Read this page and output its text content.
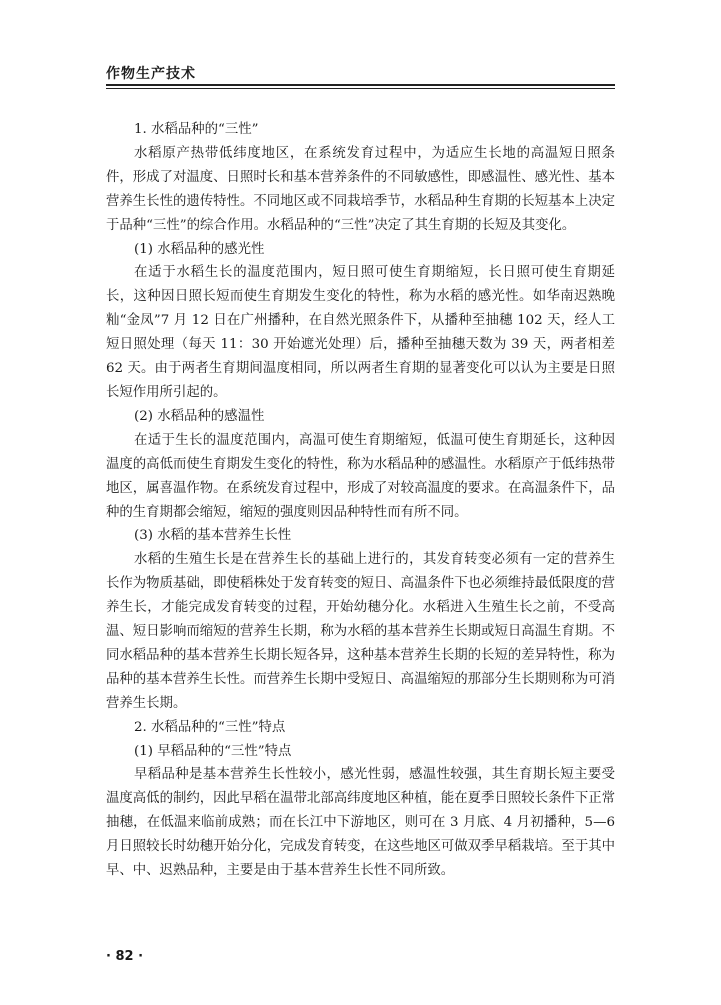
作物生产技术

1. 水稻品种的“三性”

水稻原产热带低纬度地区，在系统发育过程中，为适应生长地的高温短日照条件，形成了对温度、日照时长和基本营养条件的不同敏感性，即感温性、感光性、基本营养生长性的遗传特性。不同地区或不同栽培季节，水稻品种生育期的长短基本上决定于品种“三性”的综合作用。水稻品种的“三性”决定了其生育期的长短及其变化。

(1) 水稻品种的感光性

在适于水稻生长的温度范围内，短日照可使生育期缩短，长日照可使生育期延长，这种因日照长短而使生育期发生变化的特性，称为水稻的感光性。如华南迟熟晚籼“金凤”7 月 12 日在广州播种，在自然光照条件下，从播种至抽穗 102 天，经人工短日照处理（每天 11：30 开始遮光处理）后，播种至抽穗天数为 39 天，两者相差 62 天。由于两者生育期间温度相同，所以两者生育期的显著变化可以认为主要是日照长短作用所引起的。

(2) 水稻品种的感温性

在适于生长的温度范围内，高温可使生育期缩短，低温可使生育期延长，这种因温度的高低而使生育期发生变化的特性，称为水稻品种的感温性。水稻原产于低纬热带地区，属喜温作物。在系统发育过程中，形成了对较高温度的要求。在高温条件下，品种的生育期都会缩短，缩短的强度则因品种特性而有所不同。

(3) 水稻的基本营养生长性

水稻的生殖生长是在营养生长的基础上进行的，其发育转变必须有一定的营养生长作为物质基础，即使稻株处于发育转变的短日、高温条件下也必须维持最低限度的营养生长，才能完成发育转变的过程，开始幼穗分化。水稻进入生殖生长之前，不受高温、短日影响而缩短的营养生长期，称为水稻的基本营养生长期或短日高温生育期。不同水稻品种的基本营养生长期长短各异，这种基本营养生长期的长短的差异特性，称为品种的基本营养生长性。而营养生长期中受短日、高温缩短的那部分生长期则称为可消营养生长期。

2. 水稻品种的“三性”特点

(1) 早稻品种的“三性”特点

早稻品种是基本营养生长性较小，感光性弱，感温性较强，其生育期长短主要受温度高低的制约，因此早稻在温带北部高纬度地区种植，能在夏季日照较长条件下正常抽穗，在低温来临前成熟；而在长江中下游地区，则可在 3 月底、4 月初播种，5—6 月日照较长时幼穗开始分化，完成发育转变，在这些地区可做双季早稻栽培。至于其中早、中、迟熟品种，主要是由于基本营养生长性不同所致。

· 82 ·
